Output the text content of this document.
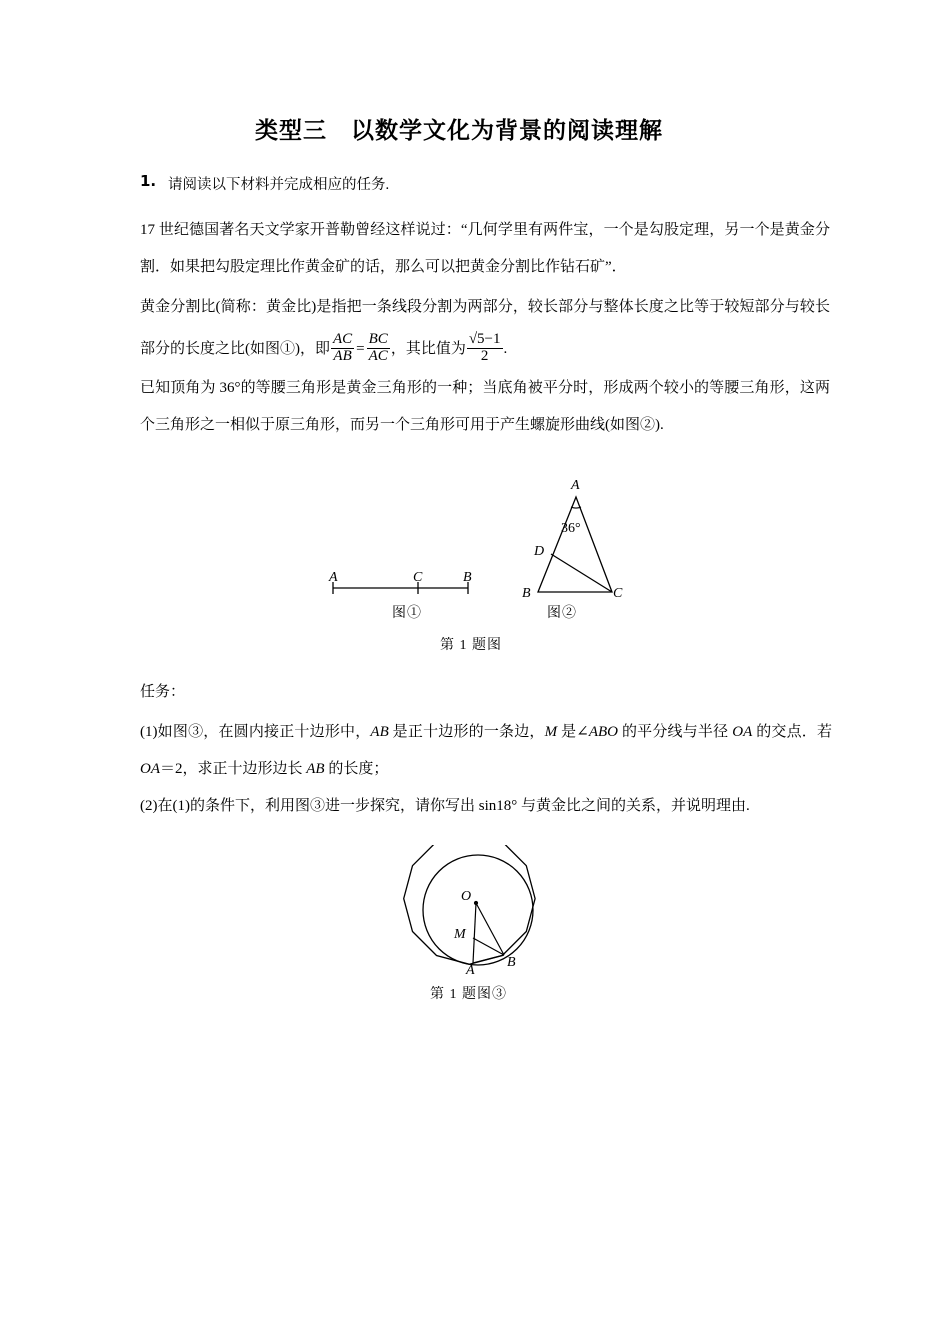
类型三　以数学文化为背景的阅读理解
1. 请阅读以下材料并完成相应的任务.
17 世纪德国著名天文学家开普勒曾经这样说过：“几何学里有两件宝，一个是勾股定理，另一个是黄金分割．如果把勾股定理比作黄金矿的话，那么可以把黄金分割比作钻石矿”．
黄金分割比(简称：黄金比)是指把一条线段分割为两部分，较长部分与整体长度之比等于较短部分与较长部分的长度之比(如图①)，即 $\frac{AC}{AB} = \frac{BC}{AC}$ ，其比值为 $\frac{√5-1}{2}$ .
已知顶角为 36°的等腰三角形是黄金三角形的一种；当底角被平分时，形成两个较小的等腰三角形，这两个三角形之一相似于原三角形，而另一个三角形可用于产生螺旋形曲线(如图②).
A	C	B
A
D
B	C
36°
图①	图②
第 1 题图
任务：
(1)如图③，在圆内接正十边形中，AB 是正十边形的一条边，M 是∠ABO 的平分线与半径 OA 的交点．若 OA＝2，求正十边形边长 AB 的长度；
(2)在(1)的条件下，利用图③进一步探究，请你写出 sin18° 与黄金比之间的关系，并说明理由.
O
M
A
B
第 1 题图③
